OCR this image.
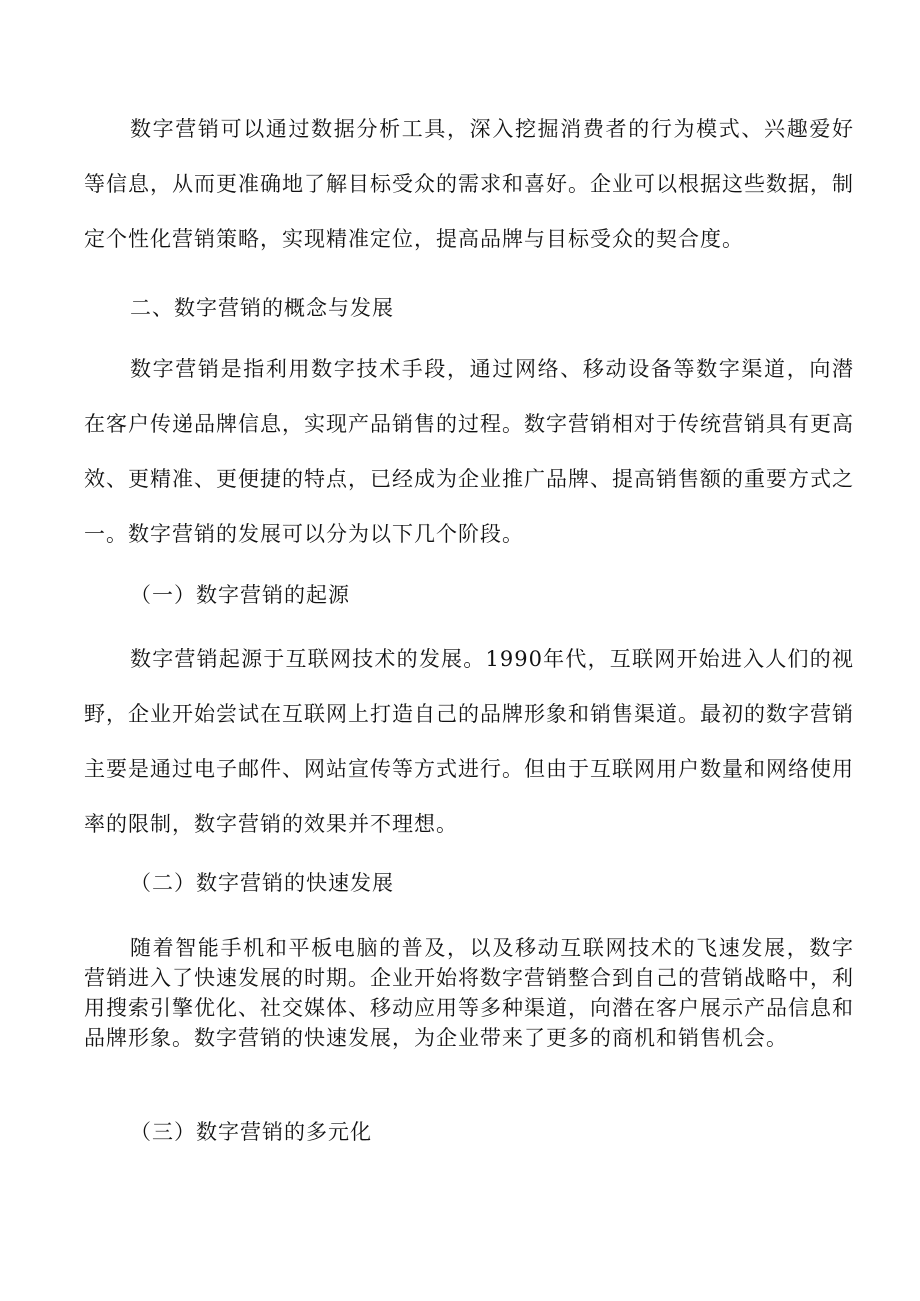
数字营销可以通过数据分析工具，深入挖掘消费者的行为模式、兴趣爱好等信息，从而更准确地了解目标受众的需求和喜好。企业可以根据这些数据，制定个性化营销策略，实现精准定位，提高品牌与目标受众的契合度。

二、数字营销的概念与发展

数字营销是指利用数字技术手段，通过网络、移动设备等数字渠道，向潜在客户传递品牌信息，实现产品销售的过程。数字营销相对于传统营销具有更高效、更精准、更便捷的特点，已经成为企业推广品牌、提高销售额的重要方式之一。数字营销的发展可以分为以下几个阶段。

（一）数字营销的起源

数字营销起源于互联网技术的发展。1990年代，互联网开始进入人们的视野，企业开始尝试在互联网上打造自己的品牌形象和销售渠道。最初的数字营销主要是通过电子邮件、网站宣传等方式进行。但由于互联网用户数量和网络使用率的限制，数字营销的效果并不理想。

（二）数字营销的快速发展

随着智能手机和平板电脑的普及，以及移动互联网技术的飞速发展，数字营销进入了快速发展的时期。企业开始将数字营销整合到自己的营销战略中，利用搜索引擎优化、社交媒体、移动应用等多种渠道，向潜在客户展示产品信息和品牌形象。数字营销的快速发展，为企业带来了更多的商机和销售机会。

（三）数字营销的多元化
